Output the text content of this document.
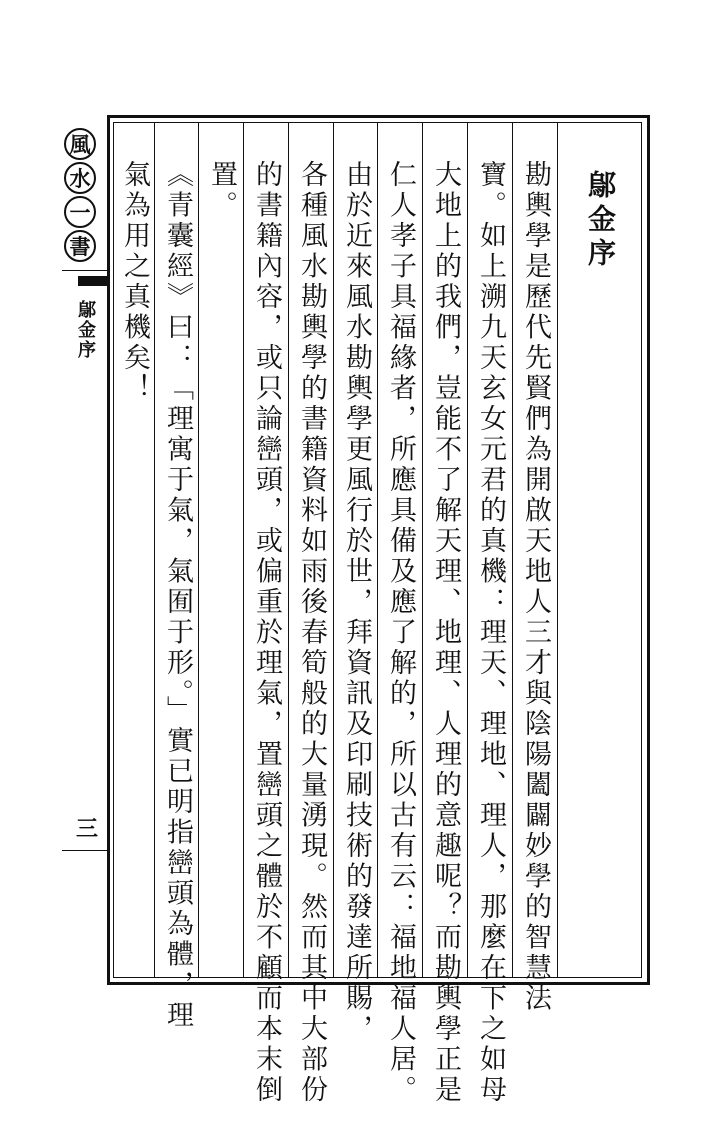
風
水
一
書
鄔金序
三
鄔金序
勘輿學是歷代先賢們為開啟天地人三才與陰陽闔闢妙學的智慧法
寶。如上溯九天玄女元君的真機：理天、理地、理人，那麼在下之如母
大地上的我們，豈能不了解天理、地理、人理的意趣呢？而勘輿學正是
仁人孝子具福緣者，所應具備及應了解的，所以古有云：福地福人居。
由於近來風水勘輿學更風行於世，拜資訊及印刷技術的發達所賜，
各種風水勘輿學的書籍資料如雨後春筍般的大量湧現。然而其中大部份
的書籍內容，或只論巒頭，或偏重於理氣，置巒頭之體於不顧而本末倒
置。
《青囊經》曰：「理寓于氣，氣囿于形。」實已明指巒頭為體，理
氣為用之真機矣！
